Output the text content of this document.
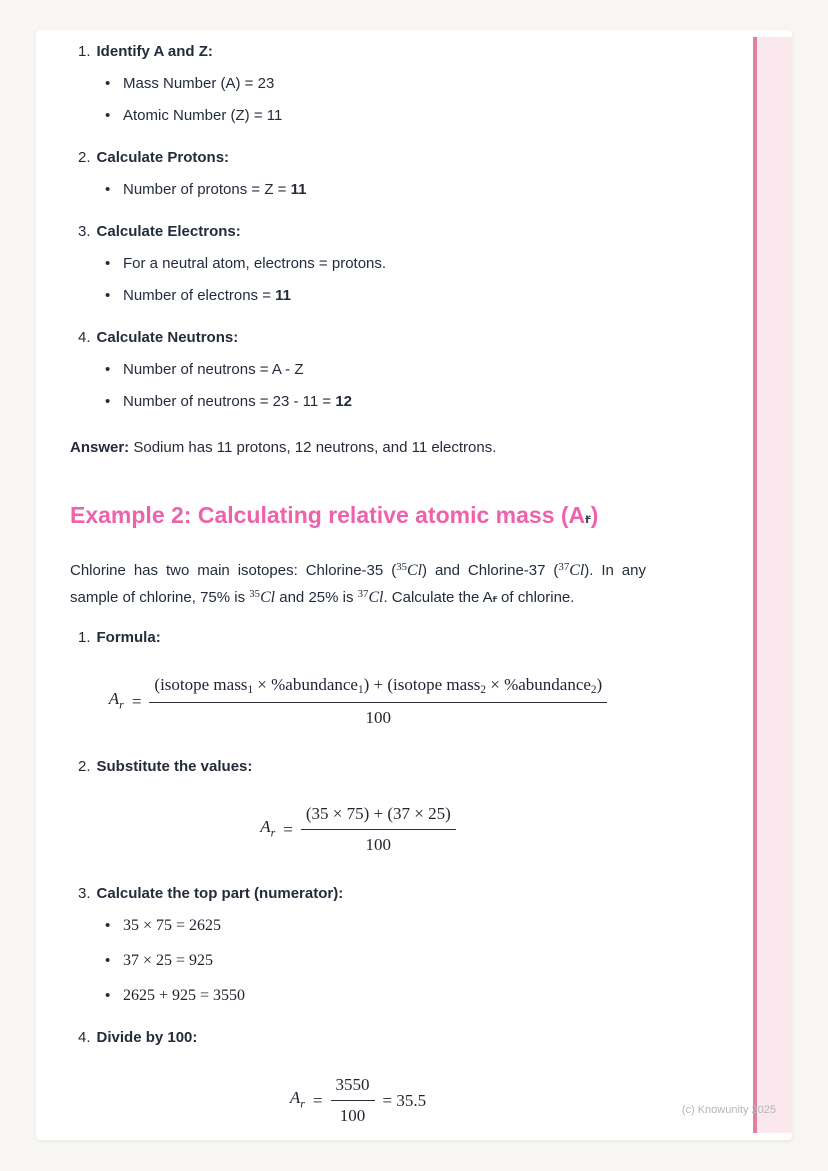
1. Identify A and Z:
•
Mass Number (A) = 23
•
Atomic Number (Z) = 11
2. Calculate Protons:
•
Number of protons = Z = 11
3. Calculate Electrons:
•
For a neutral atom, electrons = protons.
•
Number of electrons = 11
4. Calculate Neutrons:
•
Number of neutrons = A - Z
•
Number of neutrons = 23 - 11 = 12
Answer: Sodium has 11 protons, 12 neutrons, and 11 electrons.
Example 2: Calculating relative atomic mass (Ar)

Chlorine has two main isotopes: Chlorine-35 ($^{35}$Cl) and Chlorine-37 ($^{37}$Cl). In any sample of chlorine, 75% is $^{35}$Cl and 25% is $^{37}$Cl. Calculate the Ar of chlorine.

1. Formula:
$A_r$ =
(isotope mass1 × %abundance1) + (isotope mass2 × %abundance2)
100
2. Substitute the values:
$A_r = \frac{(35 \times 75) + (37 \times 25)}{100}$
3. Calculate the top part (numerator):
•
35 × 75 = 2625
•
37 × 25 = 925
•
2625 + 925 = 3550
4. Divide by 100:
$A_r = \frac{3550}{100} = 35.5$
(c) Knowunity 2025
